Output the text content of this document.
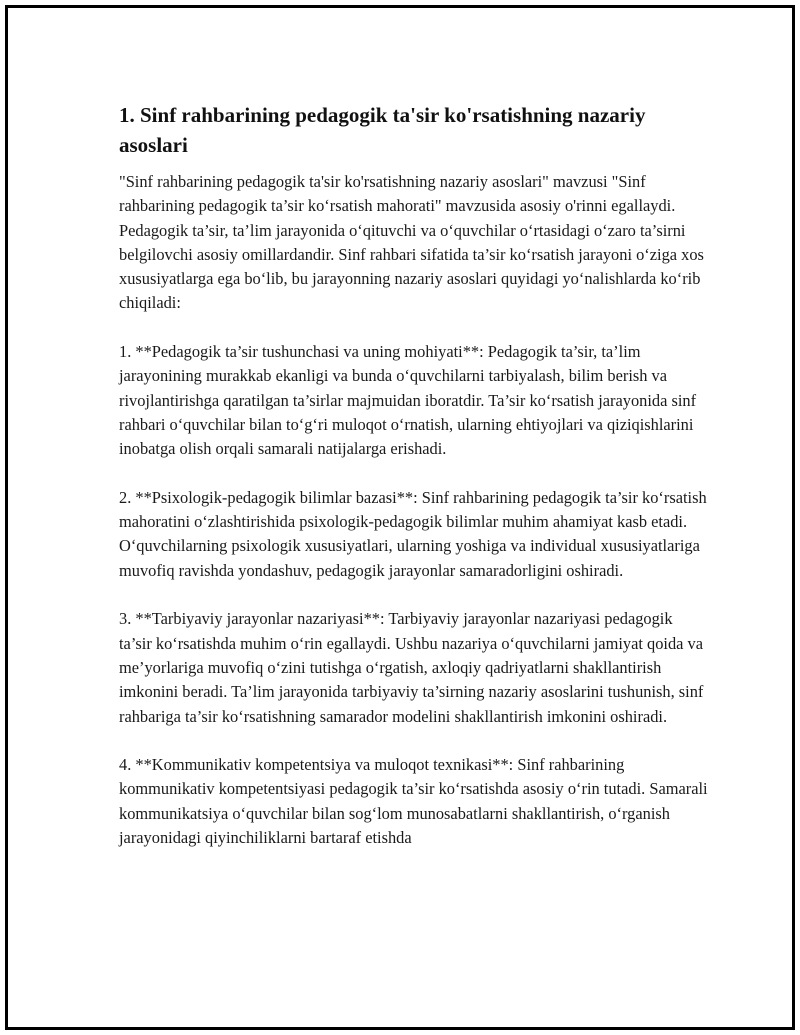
1. Sinf rahbarining pedagogik ta'sir ko'rsatishning nazariy asoslari

"Sinf rahbarining pedagogik ta'sir ko'rsatishning nazariy asoslari" mavzusi "Sinf rahbarining pedagogik ta’sir ko‘rsatish mahorati" mavzusida asosiy o'rinni egallaydi. Pedagogik ta’sir, ta’lim jarayonida o‘qituvchi va o‘quvchilar o‘rtasidagi o‘zaro ta’sirni belgilovchi asosiy omillardandir. Sinf rahbari sifatida ta’sir ko‘rsatish jarayoni o‘ziga xos xususiyatlarga ega bo‘lib, bu jarayonning nazariy asoslari quyidagi yo‘nalishlarda ko‘rib chiqiladi:

1. **Pedagogik ta’sir tushunchasi va uning mohiyati**: Pedagogik ta’sir, ta’lim jarayonining murakkab ekanligi va bunda o‘quvchilarni tarbiyalash, bilim berish va rivojlantirishga qaratilgan ta’sirlar majmuidan iboratdir. Ta’sir ko‘rsatish jarayonida sinf rahbari o‘quvchilar bilan to‘g‘ri muloqot o‘rnatish, ularning ehtiyojlari va qiziqishlarini inobatga olish orqali samarali natijalarga erishadi.

2. **Psixologik-pedagogik bilimlar bazasi**: Sinf rahbarining pedagogik ta’sir ko‘rsatish mahoratini o‘zlashtirishida psixologik-pedagogik bilimlar muhim ahamiyat kasb etadi. O‘quvchilarning psixologik xususiyatlari, ularning yoshiga va individual xususiyatlariga muvofiq ravishda yondashuv, pedagogik jarayonlar samaradorligini oshiradi.

3. **Tarbiyaviy jarayonlar nazariyasi**: Tarbiyaviy jarayonlar nazariyasi pedagogik ta’sir ko‘rsatishda muhim o‘rin egallaydi. Ushbu nazariya o‘quvchilarni jamiyat qoida va me’yorlariga muvofiq o‘zini tutishga o‘rgatish, axloqiy qadriyatlarni shakllantirish imkonini beradi. Ta’lim jarayonida tarbiyaviy ta’sirning nazariy asoslarini tushunish, sinf rahbariga ta’sir ko‘rsatishning samarador modelini shakllantirish imkonini oshiradi.

4. **Kommunikativ kompetentsiya va muloqot texnikasi**: Sinf rahbarining kommunikativ kompetentsiyasi pedagogik ta’sir ko‘rsatishda asosiy o‘rin tutadi. Samarali kommunikatsiya o‘quvchilar bilan sog‘lom munosabatlarni shakllantirish, o‘rganish jarayonidagi qiyinchiliklarni bartaraf etishda
